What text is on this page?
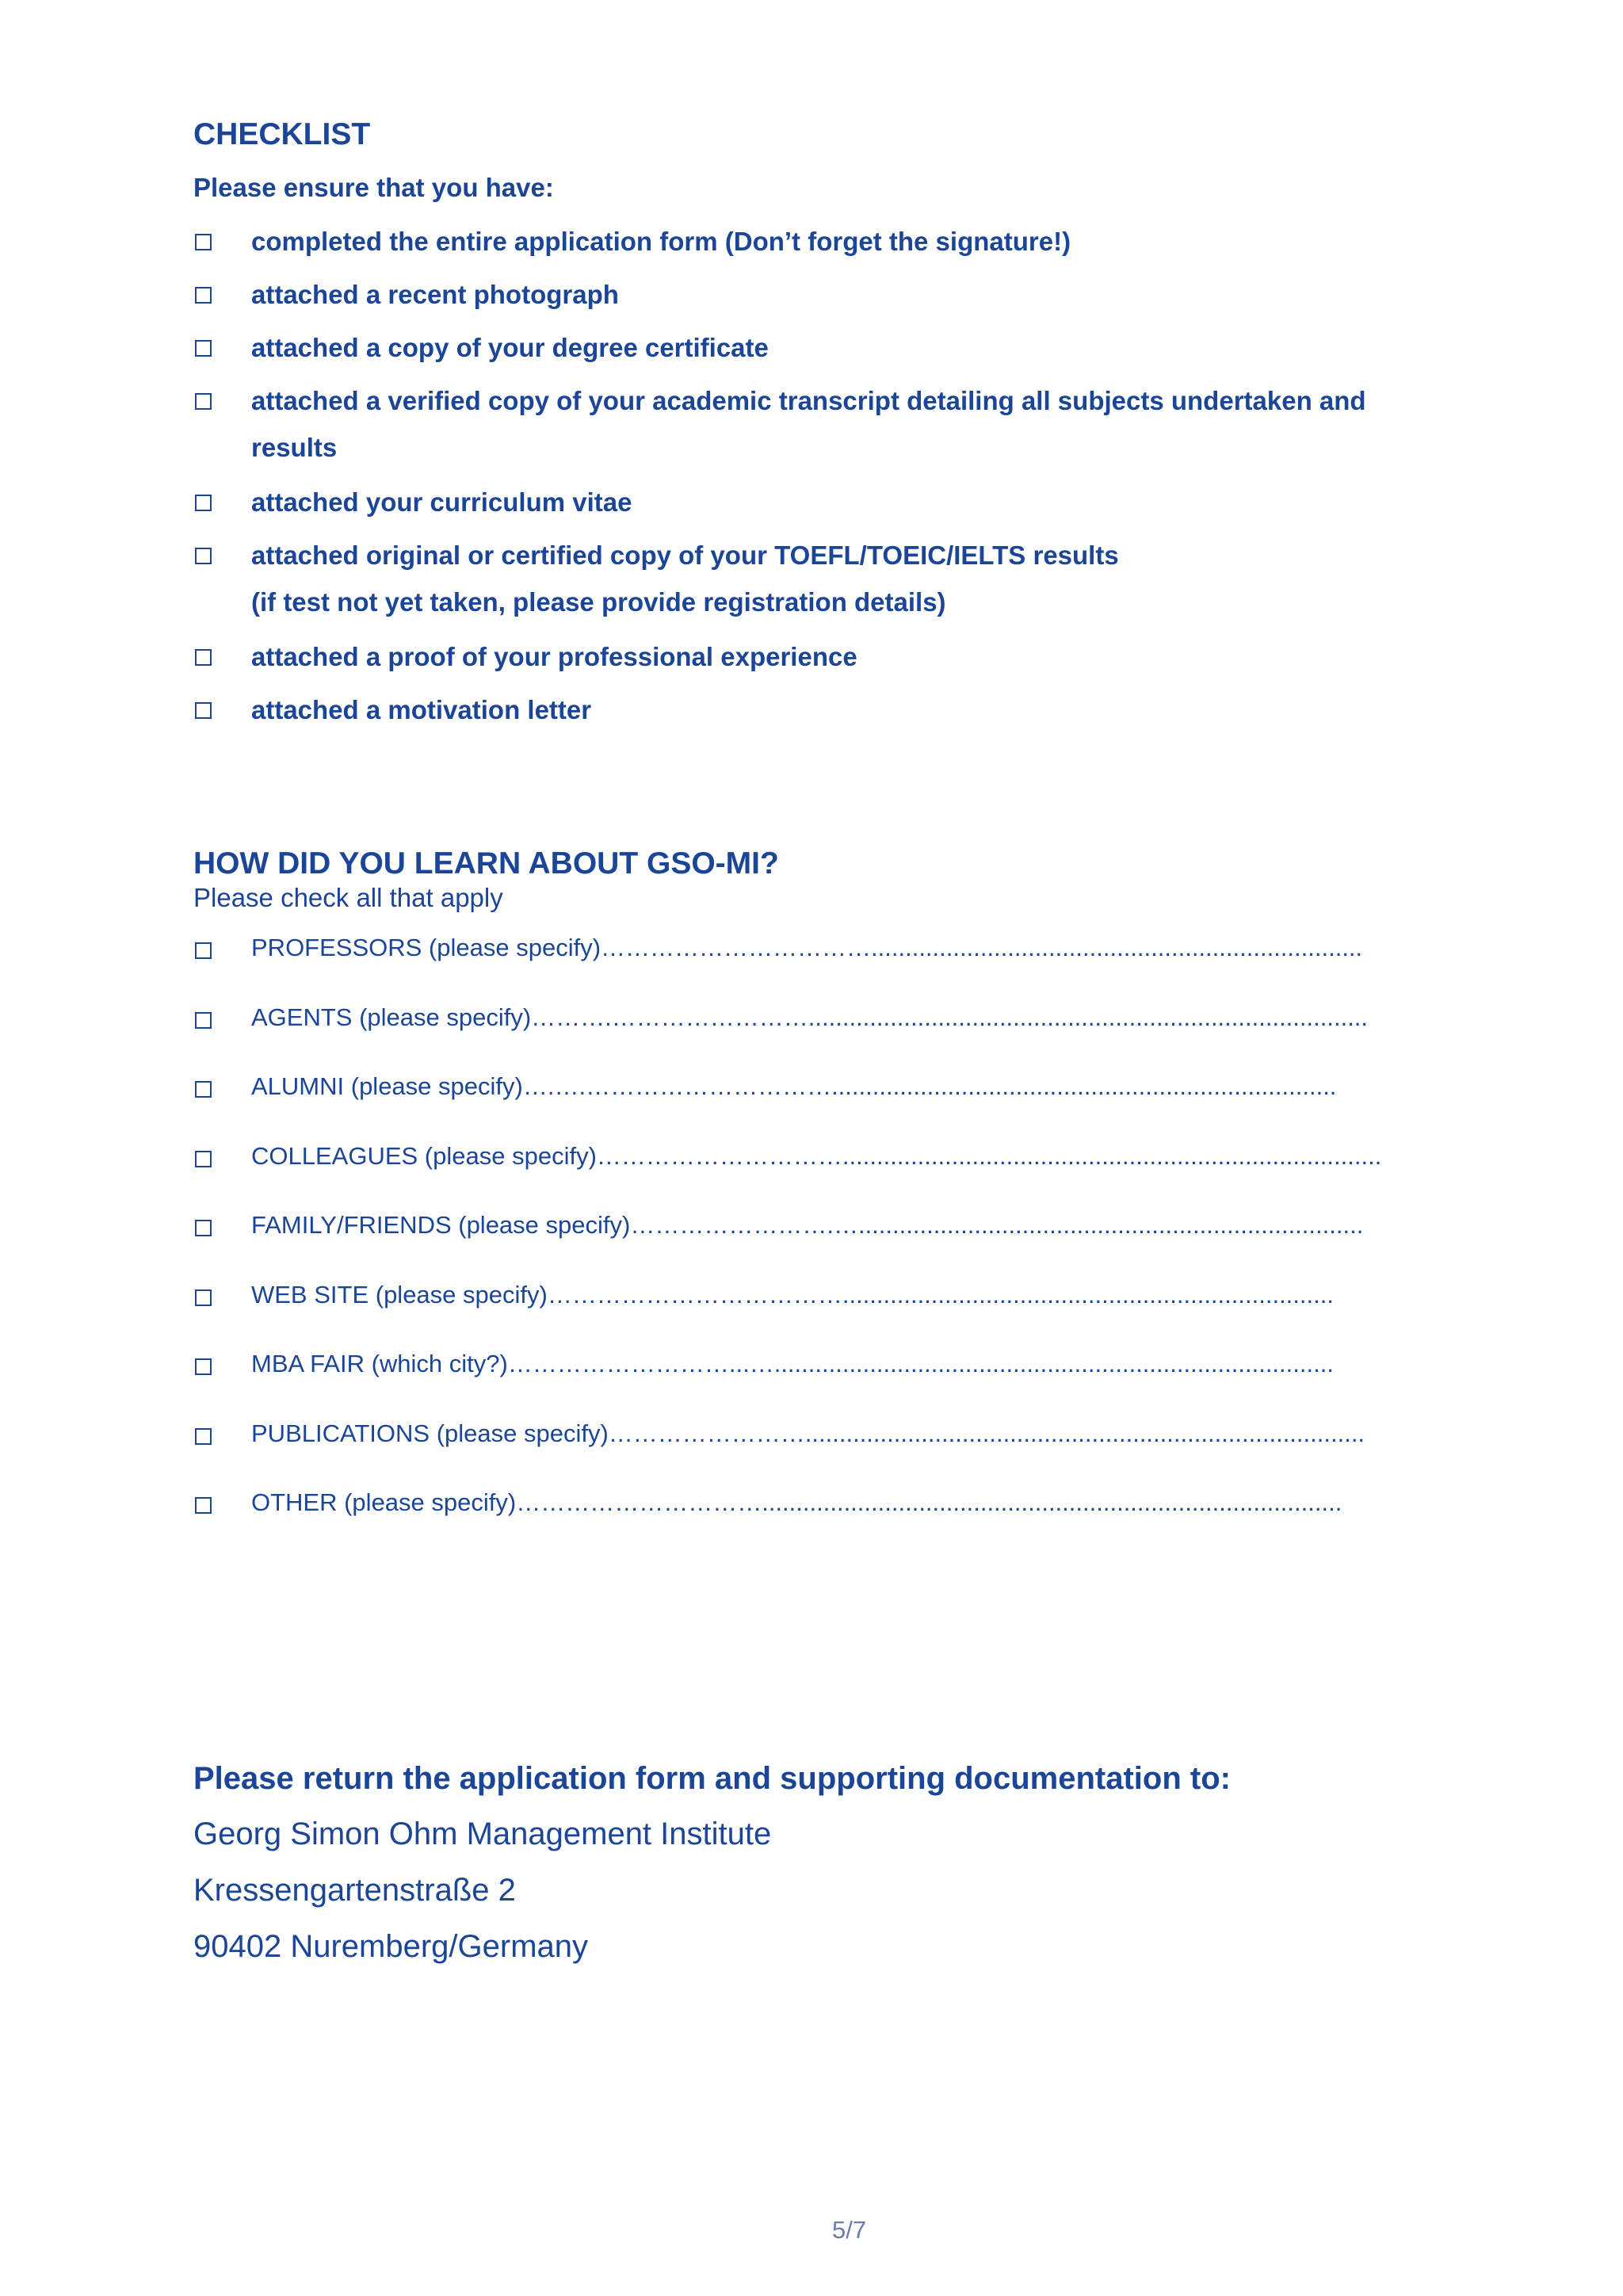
CHECKLIST
Please ensure that you have:
completed the entire application form (Don’t forget the signature!)
attached a recent photograph
attached a copy of your degree certificate
attached a verified copy of your academic transcript detailing all subjects undertaken and
results
attached your curriculum vitae
attached original or certified copy of your TOEFL/TOEIC/IELTS results
(if test not yet taken, please provide registration details)
attached a proof of your professional experience
attached a motivation letter
HOW DID YOU LEARN ABOUT GSO-MI?
Please check all that apply
PROFESSORS (please specify)……………………………........................................................................
AGENTS (please specify)……….……………………..................................................................................
ALUMNI (please specify)….….…………………………..........................................................................
COLLEAGUES (please specify)…………………………...............................................................................
FAMILY/FRIENDS (please specify)…………………….…..........................................................................
WEB SITE (please specify)………………………………........................................................................
MBA FAIR (which city?)………………………...…..................................................................................
PUBLICATIONS (please specify)……………………..................................................................................
OTHER (please specify)………………………….....................................................................................
Please return the application form and supporting documentation to:
Georg Simon Ohm Management Institute
Kressengartenstraße 2
90402 Nuremberg/Germany
5/7
